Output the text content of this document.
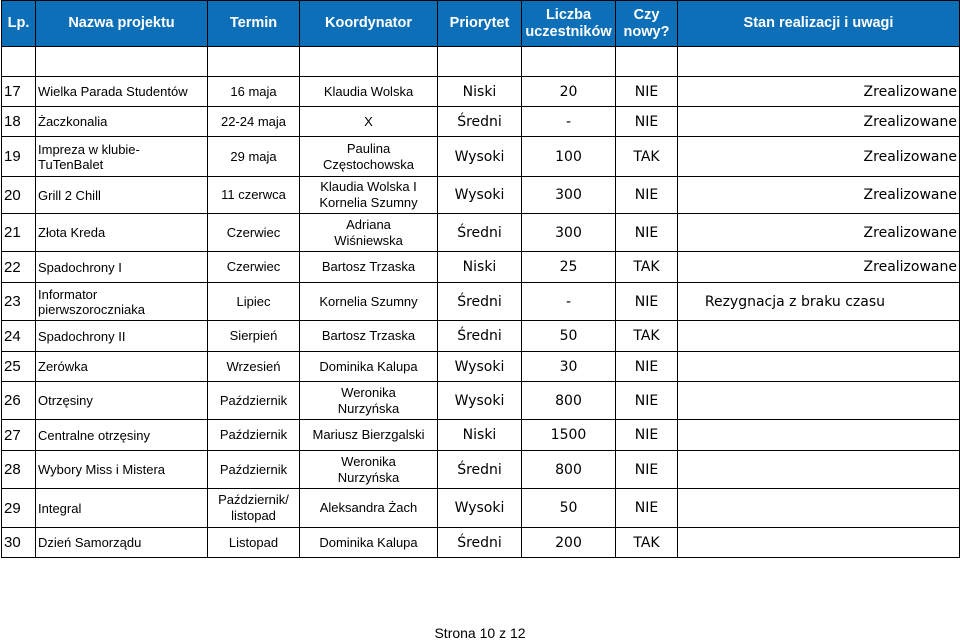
Lp.	Nazwa projektu	Termin	Koordynator	Priorytet	Liczba
uczestników	Czy
nowy?	Stan realizacji i uwagi

17	Wielka Parada Studentów	16 maja	Klaudia Wolska	Niski	20	NIE	Zrealizowane
18	Żaczkonalia	22-24 maja	X	Średni	-	NIE	Zrealizowane
19	Impreza w klubie-
TuTenBalet	29 maja	Paulina
Częstochowska	Wysoki	100	TAK	Zrealizowane
20	Grill 2 Chill	11 czerwca	Klaudia Wolska I
Kornelia Szumny	Wysoki	300	NIE	Zrealizowane
21	Złota Kreda	Czerwiec	Adriana
Wiśniewska	Średni	300	NIE	Zrealizowane
22	Spadochrony I	Czerwiec	Bartosz Trzaska	Niski	25	TAK	Zrealizowane
23	Informator
pierwszoroczniaka	Lipiec	Kornelia Szumny	Średni	-	NIE	Rezygnacja z braku czasu
24	Spadochrony II	Sierpień	Bartosz Trzaska	Średni	50	TAK	
25	Zerówka	Wrzesień	Dominika Kalupa	Wysoki	30	NIE	
26	Otrzęsiny	Październik	Weronika
Nurzyńska	Wysoki	800	NIE	
27	Centralne otrzęsiny	Październik	Mariusz Bierzgalski	Niski	1500	NIE	
28	Wybory Miss i Mistera	Październik	Weronika
Nurzyńska	Średni	800	NIE	
29	Integral	Październik/
listopad	Aleksandra Żach	Wysoki	50	NIE	
30	Dzień Samorządu	Listopad	Dominika Kalupa	Średni	200	TAK	
Strona 10 z 12
